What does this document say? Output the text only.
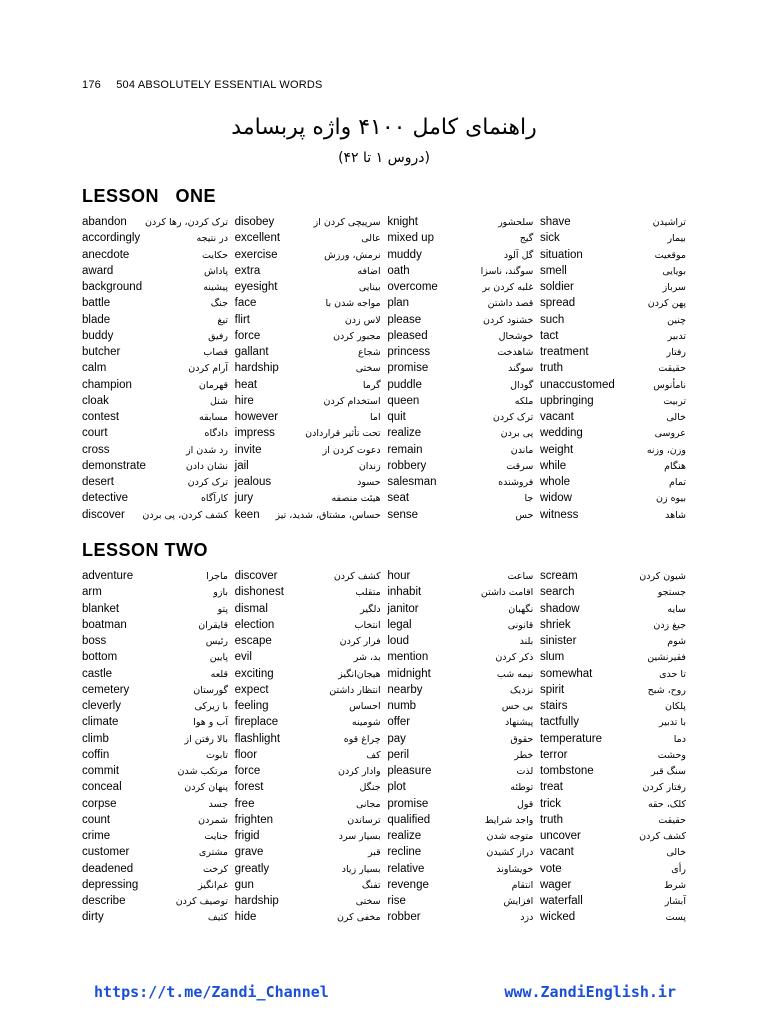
176 504 ABSOLUTELY ESSENTIAL WORDS
راهنمای کامل ۴۱۰۰ واژه پربسامد
(دروس ۱ تا ۴۲)
LESSON   ONE
abandon ترک کردن، رها کردن
accordingly	در نتیجه
anecdote	حکایت
award	پاداش
background	پیشینه
battle	جنگ
blade	تیغ
buddy	رفیق
butcher	قصاب
calm	آرام کردن
champion	قهرمان
cloak	شنل
contest	مسابقه
court	دادگاه
cross	رد شدن از
demonstrate	نشان دادن
desert	ترک کردن
detective	کارآگاه
discover کشف کردن، پی بردن
disobey	سرپیچی کردن از
excellent	عالی
exercise	نرمش، ورزش
extra	اضافه
eyesight	بینایی
face	مواجه شدن با
flirt	لاس زدن
force	مجبور کردن
gallant	شجاع
hardship	سختی
heat	گرما
hire	استخدام کردن
however	اما
impress	تحت تأثیر قراردادن
invite	دعوت کردن از
jail	زندان
jealous	حسود
jury	هیئت منصفه
keen حساس، مشتاق، شدید، تیز
knight	سلحشور
mixed up	گیج
muddy	گل آلود
oath	سوگند، ناسزا
overcome	غلبه کردن بر
plan	قصد داشتن
please	خشنود کردن
pleased	خوشحال
princess	شاهدخت
promise	سوگند
puddle	گودال
queen	ملکه
quit	ترک کردن
realize	پی بردن
remain	ماندن
robbery	سرقت
salesman	فروشنده
seat	جا
sense	حس
shave	تراشیدن
sick	بیمار
situation	موقعیت
smell	بویایی
soldier	سرباز
spread	پهن کردن
such	چنین
tact	تدبیر
treatment	رفتار
truth	حقیقت
unaccustomed	نامأنوس
upbringing	تربیت
vacant	خالی
wedding	عروسی
weight	وزن، وزنه
while	هنگام
whole	تمام
widow	بیوه زن
witness	شاهد
LESSON TWO
adventure	ماجرا
arm	بازو
blanket	پتو
boatman	قایقران
boss	رئیس
bottom	پایین
castle	قلعه
cemetery	گورستان
cleverly	با زیرکی
climate	آب و هوا
climb	بالا رفتن از
coffin	تابوت
commit	مرتکب شدن
conceal	پنهان کردن
corpse	جسد
count	شمردن
crime	جنایت
customer	مشتری
deadened	کرخت
depressing	غم‌انگیز
describe	توصیف کردن
dirty	کثیف
discover	کشف کردن
dishonest	متقلب
dismal	دلگیر
election	انتخاب
escape	فرار کردن
evil	بد، شر
exciting	هیجان‌انگیز
expect	انتظار داشتن
feeling	احساس
fireplace	شومینه
flashlight	چراغ قوه
floor	کف
force	وادار کردن
forest	جنگل
free	مجانی
frighten	ترساندن
frigid	بسیار سرد
grave	قبر
greatly	بسیار زیاد
gun	تفنگ
hardship	سختی
hide	مخفی کرن
hour	ساعت
inhabit	اقامت داشتن
janitor	نگهبان
legal	قانونی
loud	بلند
mention	ذکر کردن
midnight	نیمه شب
nearby	نزدیک
numb	بی حس
offer	پیشنهاد
pay	حقوق
peril	خطر
pleasure	لذت
plot	توطئه
promise	قول
qualified	واجد شرایط
realize	متوجه شدن
recline	دراز کشیدن
relative	خویشاوند
revenge	انتقام
rise	افزایش
robber	دزد
scream	شیون کردن
search	جستجو
shadow	سایه
shriek	جیغ زدن
sinister	شوم
slum	فقیرنشین
somewhat	تا حدی
spirit	روح، شبح
stairs	پلکان
tactfully	با تدبیر
temperature	دما
terror	وحشت
tombstone	سنگ قبر
treat	رفتار کردن
trick	کلک، حقه
truth	حقیقت
uncover	کشف کردن
vacant	خالی
vote	رأی
wager	شرط
waterfall	آبشار
wicked	پست
https://t.me/Zandi_Channel	www.ZandiEnglish.ir
